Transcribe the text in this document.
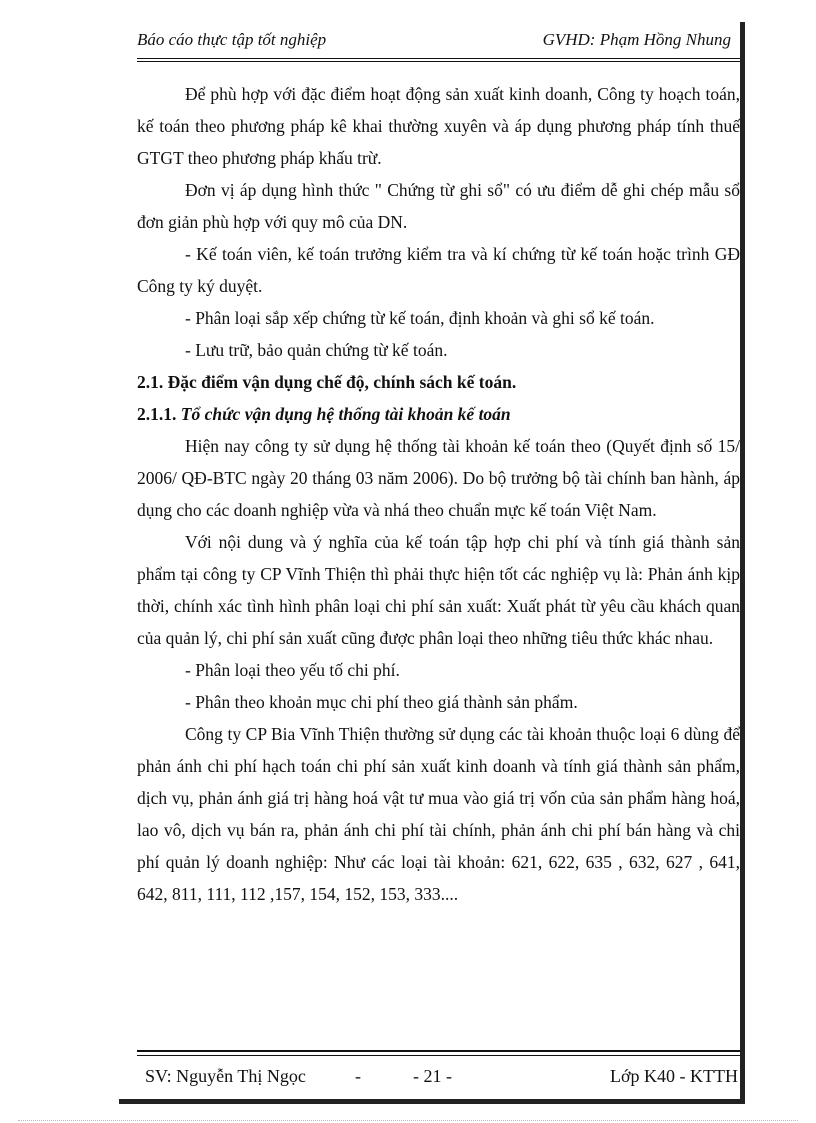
Báo cáo thực tập tốt nghiệp	GVHD: Phạm Hồng Nhung

Để phù hợp với đặc điểm hoạt động sản xuất kinh doanh, Công ty hoạch toán, kế toán theo phương pháp kê khai thường xuyên và áp dụng phương pháp tính thuế GTGT theo phương pháp khấu trừ.

Đơn vị áp dụng hình thức " Chứng từ ghi sổ" có ưu điểm dễ ghi chép mẫu sổ đơn giản phù hợp với quy mô của DN.

- Kế toán viên, kế toán trưởng kiểm tra và kí chứng từ kế toán hoặc trình GĐ Công ty ký duyệt.

- Phân loại sắp xếp chứng từ kế toán, định khoản và ghi sổ kế toán.

- Lưu trữ, bảo quản chứng từ kế toán.

2.1. Đặc điểm vận dụng chế độ, chính sách kế toán.

2.1.1. Tổ chức vận dụng hệ thống tài khoản kế toán

Hiện nay công ty sử dụng hệ thống tài khoản kế toán theo (Quyết định số 15/ 2006/ QĐ-BTC ngày 20 tháng 03 năm 2006). Do bộ trưởng bộ tài chính ban hành, áp dụng cho các doanh nghiệp vừa và nhá theo chuẩn mực kế toán Việt Nam.

Với nội dung và ý nghĩa của kế toán tập hợp chi phí và tính giá thành sản phẩm tại công ty CP Vĩnh Thiện thì phải thực hiện tốt các nghiệp vụ là: Phản ánh kịp thời, chính xác tình hình phân loại chi phí sản xuất: Xuất phát từ yêu cầu khách quan của quản lý, chi phí sản xuất cũng được phân loại theo những tiêu thức khác nhau.

- Phân loại theo yếu tố chi phí.

- Phân theo khoản mục chi phí theo giá thành sản phẩm.

Công ty CP Bia Vĩnh Thiện thường sử dụng các tài khoản thuộc loại 6 dùng để phản ánh chi phí hạch toán chi phí sản xuất kinh doanh và tính giá thành sản phẩm, dịch vụ, phản ánh giá trị hàng hoá vật tư mua vào giá trị vốn của sản phẩm hàng hoá, lao vô, dịch vụ bán ra, phản ánh chi phí tài chính, phản ánh chi phí bán hàng và chi phí quản lý doanh nghiệp: Như các loại tài khoản: 621, 622, 635 , 632, 627 , 641, 642, 811, 111, 112 ,157, 154, 152, 153, 333....

SV: Nguyễn Thị Ngọc	-	- 21 -	Lớp K40 - KTTH
